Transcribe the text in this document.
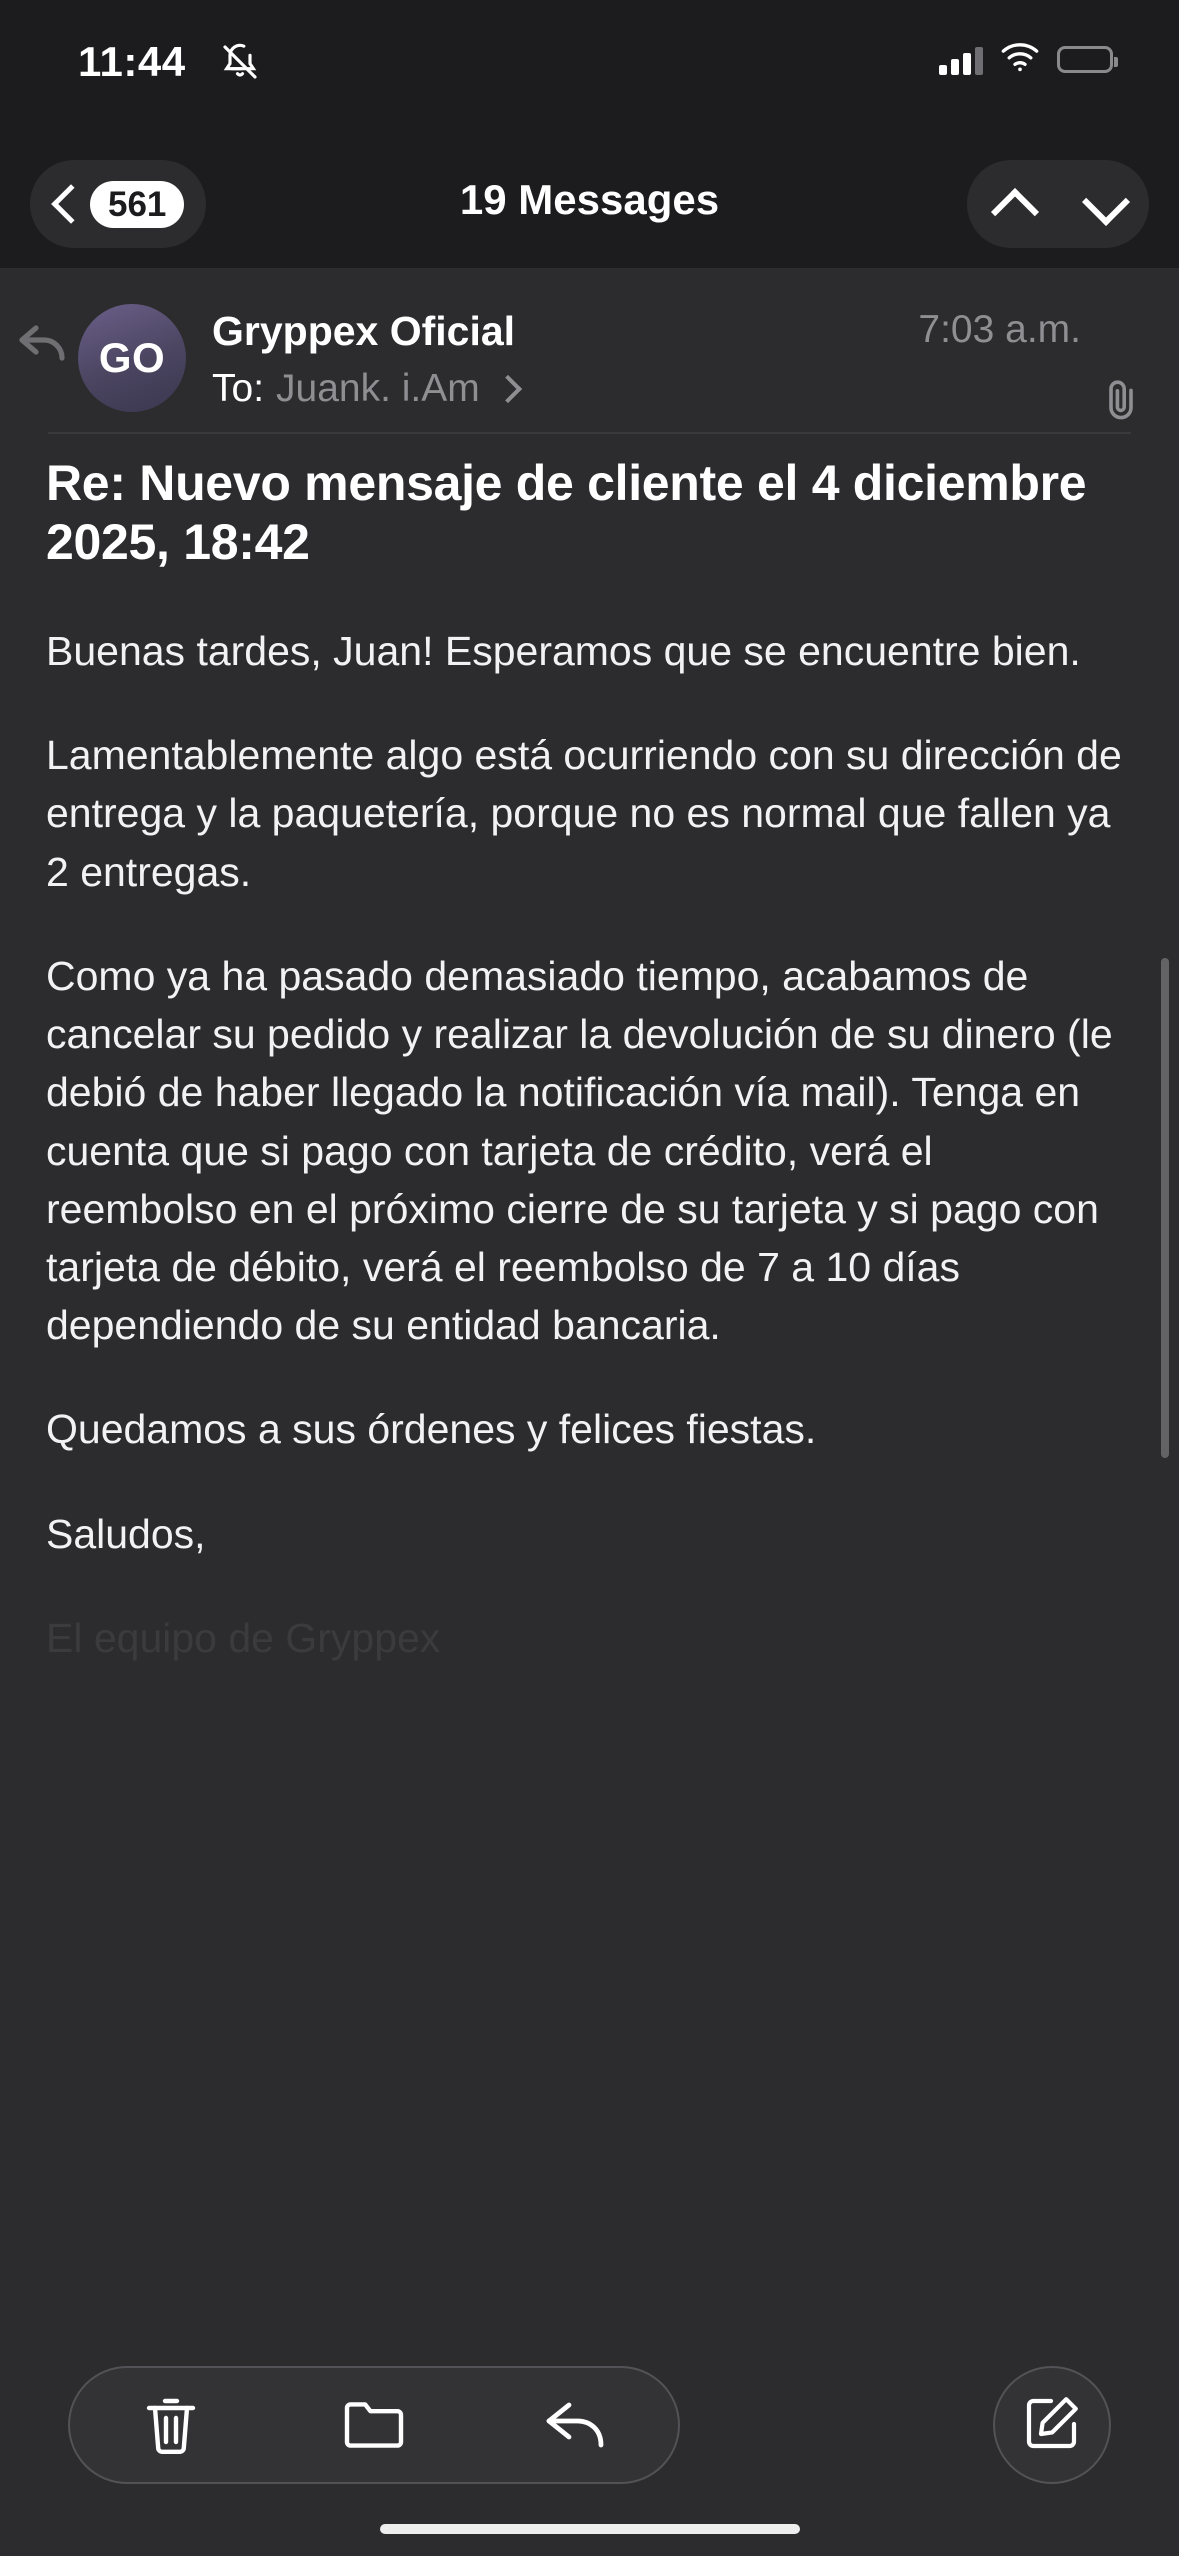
11:44
561	19 Messages
GO
Gryppex Oficial
To: Juank. i.Am
7:03 a.m.
Re: Nuevo mensaje de cliente el 4 diciembre 2025, 18:42

Buenas tardes, Juan! Esperamos que se encuentre bien.

Lamentablemente algo está ocurriendo con su dirección de entrega y la paquetería, porque no es normal que fallen ya 2 entregas.

Como ya ha pasado demasiado tiempo, acabamos de cancelar su pedido y realizar la devolución de su dinero (le debió de haber llegado la notificación vía mail). Tenga en cuenta que si pago con tarjeta de crédito, verá el reembolso en el próximo cierre de su tarjeta y si pago con tarjeta de débito, verá el reembolso de 7 a 10 días dependiendo de su entidad bancaria.

Quedamos a sus órdenes y felices fiestas.

Saludos,

El equipo de Gryppex
